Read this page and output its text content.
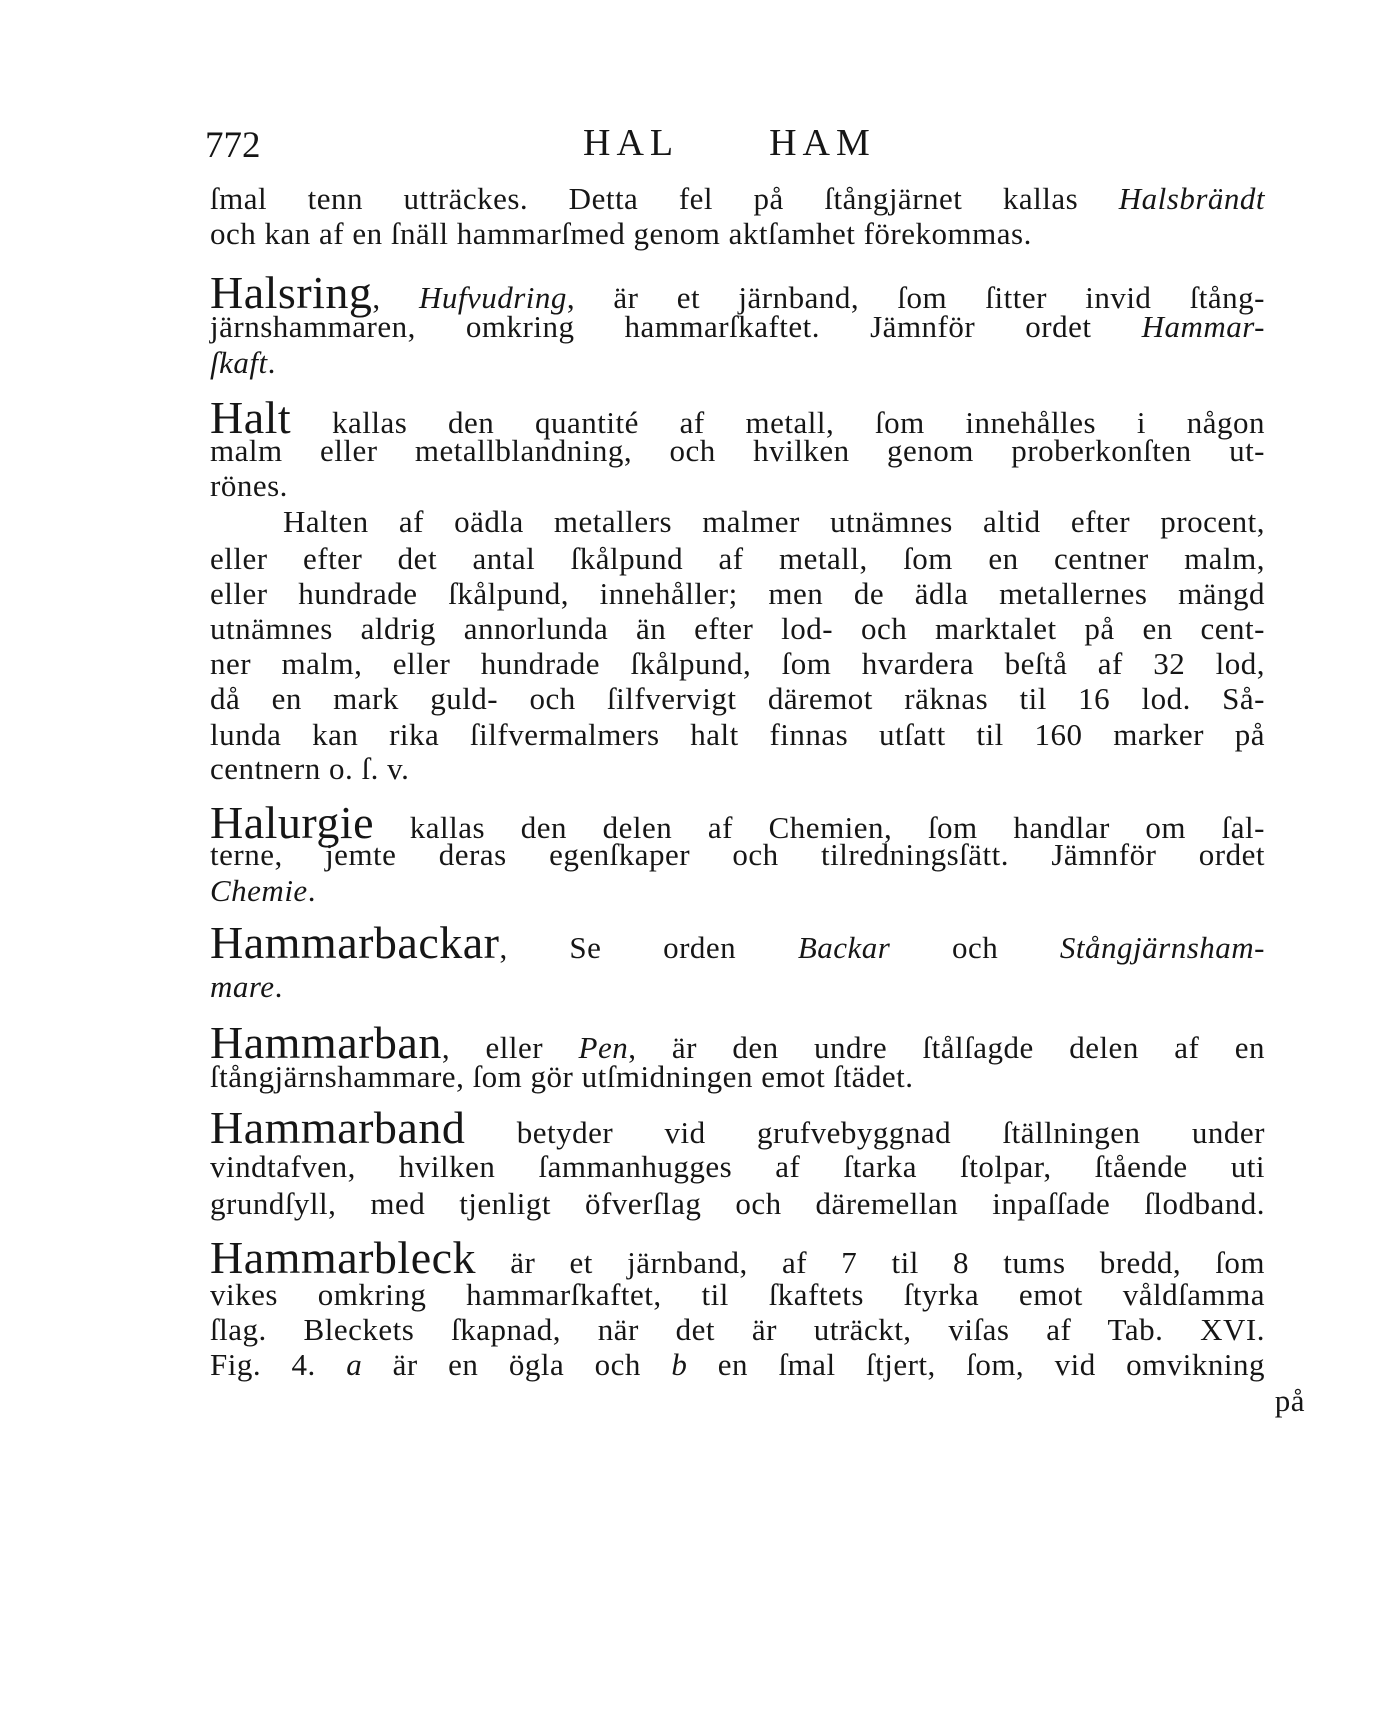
772	HAL HAM
ſmal tenn utträckes. Detta fel på ſtångjärnet kallas Halsbrändt
och kan af en ſnäll hammarſmed genom aktſamhet förekommas.
Halsring, Hufvudring, är et järnband, ſom ſitter invid ſtång-
järnshammaren, omkring hammarſkaftet. Jämnför ordet Hammar-
ſkaft.
Halt kallas den quantité af metall, ſom innehålles i någon
malm eller metallblandning, och hvilken genom proberkonſten ut-
rönes.
Halten af oädla metallers malmer utnämnes altid efter procent,
eller efter det antal ſkålpund af metall, ſom en centner malm,
eller hundrade ſkålpund, innehåller; men de ädla metallernes mängd
utnämnes aldrig annorlunda än efter lod- och marktalet på en cent-
ner malm, eller hundrade ſkålpund, ſom hvardera beſtå af 32 lod,
då en mark guld- och ſilfvervigt däremot räknas til 16 lod. Så-
lunda kan rika ſilfvermalmers halt finnas utſatt til 160 marker på
centnern o. ſ. v.
Halurgie kallas den delen af Chemien, ſom handlar om ſal-
terne, jemte deras egenſkaper och tilredningsſätt. Jämnför ordet
Chemie.
Hammarbackar, Se orden Backar och Stångjärnsham-
mare.
Hammarban, eller Pen, är den undre ſtålſagde delen af en
ſtångjärnshammare, ſom gör utſmidningen emot ſtädet.
Hammarband betyder vid grufvebyggnad ſtällningen under
vindtafven, hvilken ſammanhugges af ſtarka ſtolpar, ſtående uti
grundſyll, med tjenligt öfverſlag och däremellan inpaſſade ſlodband.
Hammarbleck är et järnband, af 7 til 8 tums bredd, ſom
vikes omkring hammarſkaftet, til ſkaftets ſtyrka emot våldſamma
ſlag. Bleckets ſkapnad, när det är uträckt, viſas af Tab. XVI.
Fig. 4. a är en ögla och b en ſmal ſtjert, ſom, vid omvikning
på
